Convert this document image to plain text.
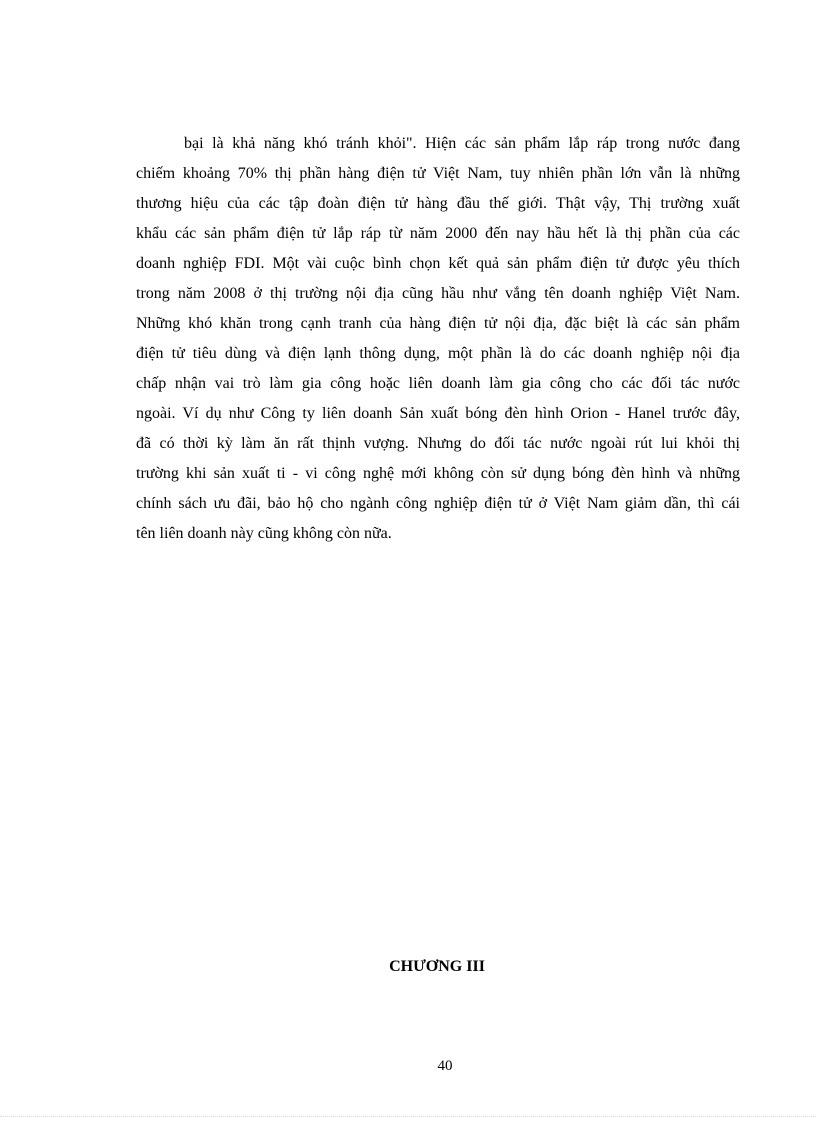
bại là khả năng khó tránh khỏi". Hiện các sản phẩm lắp ráp trong nước đang
chiếm khoảng 70% thị phần hàng điện tử Việt Nam, tuy nhiên phần lớn vẫn là những
thương hiệu của các tập đoàn điện tử hàng đầu thế giới. Thật vậy, Thị trường xuất
khẩu các sản phẩm điện tử lắp ráp từ năm 2000 đến nay hầu hết là thị phần của các
doanh nghiệp FDI. Một vài cuộc bình chọn kết quả sản phẩm điện tử được yêu thích
trong năm 2008 ở thị trường nội địa cũng hầu như vắng tên doanh nghiệp Việt Nam.
Những khó khăn trong cạnh tranh của hàng điện tử nội địa, đặc biệt là các sản phẩm
điện tử tiêu dùng và điện lạnh thông dụng, một phần là do các doanh nghiệp nội địa
chấp nhận vai trò làm gia công hoặc liên doanh làm gia công cho các đối tác nước
ngoài. Ví dụ như Công ty liên doanh Sản xuất bóng đèn hình Orion - Hanel trước đây,
đã có thời kỳ làm ăn rất thịnh vượng. Nhưng do đối tác nước ngoài rút lui khỏi thị
trường khi sản xuất ti - vi công nghệ mới không còn sử dụng bóng đèn hình và những
chính sách ưu đãi, bảo hộ cho ngành công nghiệp điện tử ở Việt Nam giảm dần, thì cái
tên liên doanh này cũng không còn nữa.
CHƯƠNG III
40
